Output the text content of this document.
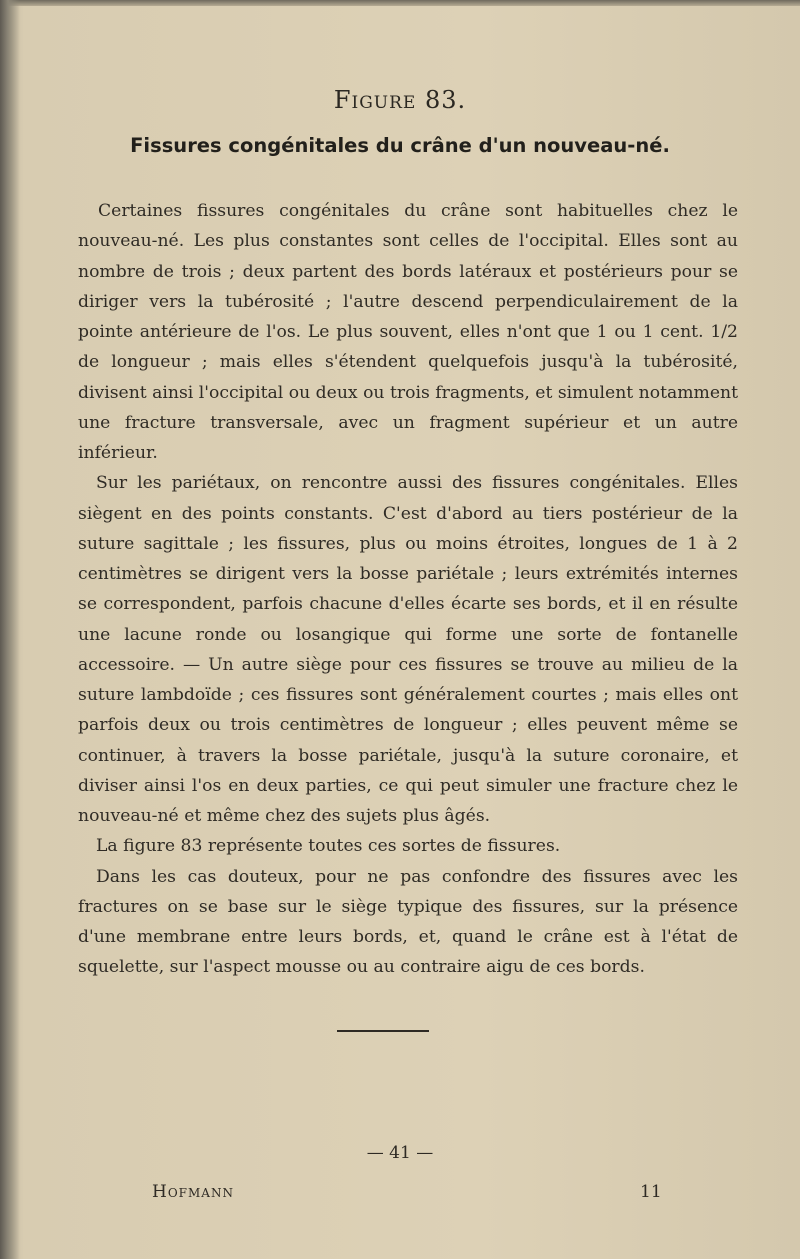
Figure 83.
Fissures congénitales du crâne d'un nouveau-né.

Certaines fissures congénitales du crâne sont habituelles chez le nouveau-né. Les plus constantes sont celles de l'occipital. Elles sont au nombre de trois ; deux partent des bords latéraux et postérieurs pour se diriger vers la tubérosité ; l'autre descend perpendiculairement de la pointe antérieure de l'os. Le plus souvent, elles n'ont que 1 ou 1 cent. 1/2 de longueur ; mais elles s'étendent quelquefois jusqu'à la tubérosité, divisent ainsi l'occipital ou deux ou trois fragments, et simulent notamment une fracture transversale, avec un fragment supérieur et un autre inférieur.

Sur les pariétaux, on rencontre aussi des fissures congénitales. Elles siègent en des points constants. C'est d'abord au tiers postérieur de la suture sagittale ; les fissures, plus ou moins étroites, longues de 1 à 2 centimètres se dirigent vers la bosse pariétale ; leurs extrémités internes se correspondent, parfois chacune d'elles écarte ses bords, et il en résulte une lacune ronde ou losangique qui forme une sorte de fontanelle accessoire. — Un autre siège pour ces fissures se trouve au milieu de la suture lambdoïde ; ces fissures sont généralement courtes ; mais elles ont parfois deux ou trois centimètres de longueur ; elles peuvent même se continuer, à travers la bosse pariétale, jusqu'à la suture coronaire, et diviser ainsi l'os en deux parties, ce qui peut simuler une fracture chez le nouveau-né et même chez des sujets plus âgés.

La figure 83 représente toutes ces sortes de fissures.

Dans les cas douteux, pour ne pas confondre des fissures avec les fractures on se base sur le siège typique des fissures, sur la présence d'une membrane entre leurs bords, et, quand le crâne est à l'état de squelette, sur l'aspect mousse ou au contraire aigu de ces bords.

— 41 —
Hofmann	11
